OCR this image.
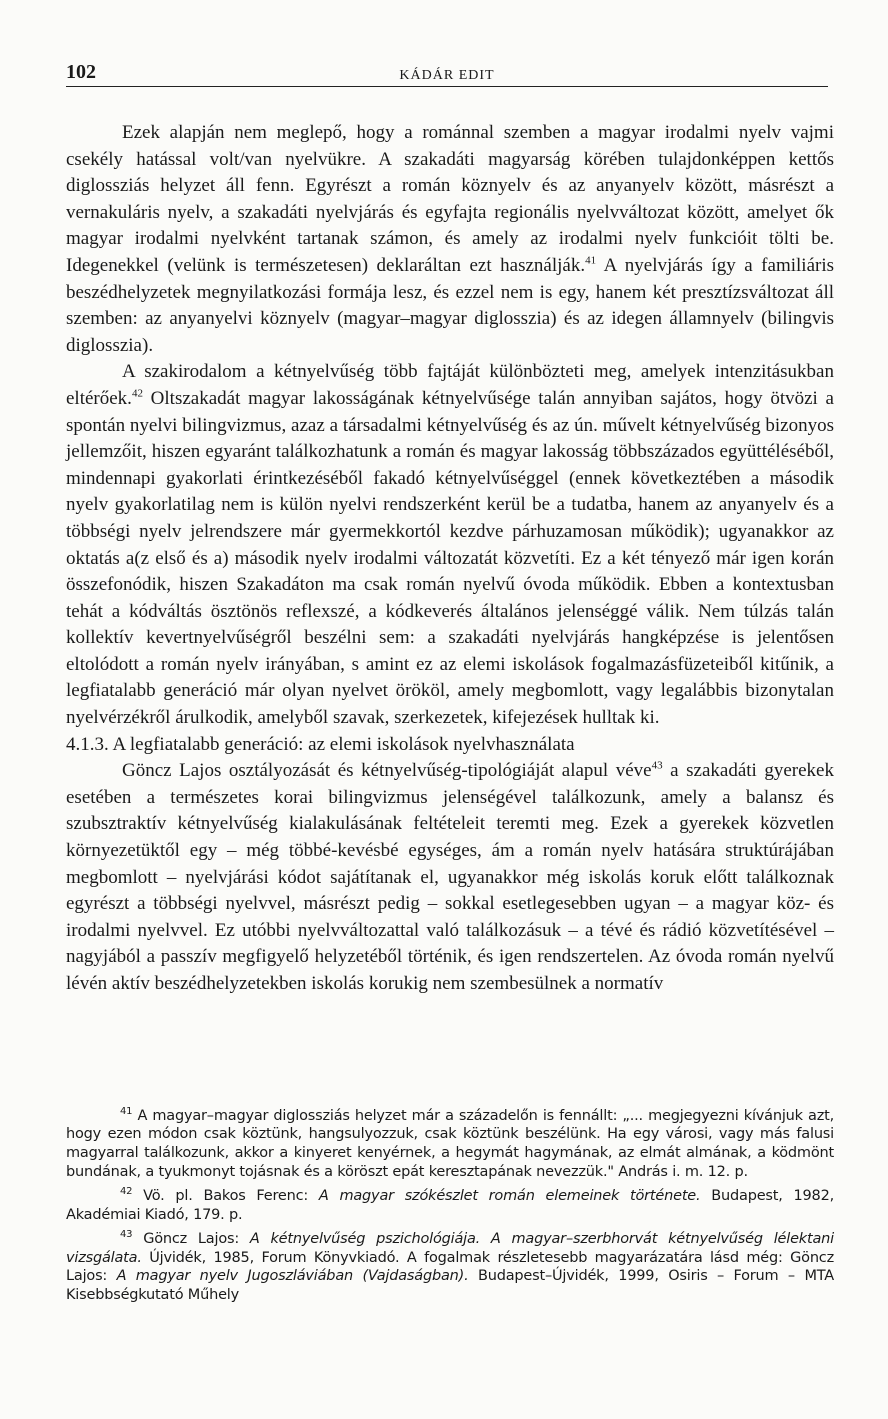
102	KÁDÁR EDIT

Ezek alapján nem meglepő, hogy a románnal szemben a magyar irodalmi nyelv vajmi csekély hatással volt/van nyelvükre. A szakadáti magyarság körében tulajdonképpen kettős diglossziás helyzet áll fenn. Egyrészt a román köznyelv és az anyanyelv között, másrészt a vernakuláris nyelv, a szakadáti nyelvjárás és egyfajta regionális nyelvváltozat között, amelyet ők magyar irodalmi nyelvként tartanak számon, és amely az irodalmi nyelv funkcióit tölti be. Idegenekkel (velünk is természetesen) deklaráltan ezt használják.$^{41}$ A nyelvjárás így a familiáris beszédhelyzetek megnyilatkozási formája lesz, és ezzel nem is egy, hanem két presztízsváltozat áll szemben: az anyanyelvi köznyelv (magyar–magyar diglosszia) és az idegen államnyelv (bilingvis diglosszia).

A szakirodalom a kétnyelvűség több fajtáját különbözteti meg, amelyek intenzitásukban eltérőek.$^{42}$ Oltszakadát magyar lakosságának kétnyelvűsége talán annyiban sajátos, hogy ötvözi a spontán nyelvi bilingvizmus, azaz a társadalmi kétnyelvűség és az ún. művelt kétnyelvűség bizonyos jellemzőit, hiszen egyaránt találkozhatunk a román és magyar lakosság többszázados együttéléséből, mindennapi gyakorlati érintkezéséből fakadó kétnyelvűséggel (ennek következtében a második nyelv gyakorlatilag nem is külön nyelvi rendszerként kerül be a tudatba, hanem az anyanyelv és a többségi nyelv jelrendszere már gyermekkortól kezdve párhuzamosan működik); ugyanakkor az oktatás a(z első és a) második nyelv irodalmi változatát közvetíti. Ez a két tényező már igen korán összefonódik, hiszen Szakadáton ma csak román nyelvű óvoda működik. Ebben a kontextusban tehát a kódváltás ösztönös reflexszé, a kódkeverés általános jelenséggé válik. Nem túlzás talán kollektív kevertnyelvűségről beszélni sem: a szakadáti nyelvjárás hangképzése is jelentősen eltolódott a román nyelv irányában, s amint ez az elemi iskolások fogalmazásfüzeteiből kitűnik, a legfiatalabb generáció már olyan nyelvet örököl, amely megbomlott, vagy legalábbis bizonytalan nyelvérzékről árulkodik, amelyből szavak, szerkezetek, kifejezések hulltak ki.

4.1.3. A legfiatalabb generáció: az elemi iskolások nyelvhasználata

Göncz Lajos osztályozását és kétnyelvűség-tipológiáját alapul véve$^{43}$ a szakadáti gyerekek esetében a természetes korai bilingvizmus jelenségével találkozunk, amely a balansz és szubsztraktív kétnyelvűség kialakulásának feltételeit teremti meg. Ezek a gyerekek közvetlen környezetüktől egy – még többé-kevésbé egységes, ám a román nyelv hatására struktúrájában megbomlott – nyelvjárási kódot sajátítanak el, ugyanakkor még iskolás koruk előtt találkoznak egyrészt a többségi nyelvvel, másrészt pedig – sokkal esetlegesebben ugyan – a magyar köz- és irodalmi nyelvvel. Ez utóbbi nyelvváltozattal való találkozásuk – a tévé és rádió közvetítésével – nagyjából a passzív megfigyelő helyzetéből történik, és igen rendszertelen. Az óvoda román nyelvű lévén aktív beszédhelyzetekben iskolás korukig nem szembesülnek a normatív

$^{41}$ A magyar–magyar diglossziás helyzet már a századelőn is fennállt: „... megjegyezni kívánjuk azt, hogy ezen módon csak köztünk, hangsulyozzuk, csak köztünk beszélünk. Ha egy városi, vagy más falusi magyarral találkozunk, akkor a kinyeret kenyérnek, a hegymát hagymának, az elmát almának, a ködmönt bundának, a tyukmonyt tojásnak és a köröszt epát keresztapának nevezzük." András i. m. 12. p.

$^{42}$ Vö. pl. Bakos Ferenc: A magyar szókészlet román elemeinek története. Budapest, 1982, Akadémiai Kiadó, 179. p.

$^{43}$ Göncz Lajos: A kétnyelvűség pszichológiája. A magyar–szerbhorvát kétnyelvűség lélektani vizsgálata. Újvidék, 1985, Forum Könyvkiadó. A fogalmak részletesebb magyarázatára lásd még: Göncz Lajos: A magyar nyelv Jugoszláviában (Vajdaságban). Budapest–Újvidék, 1999, Osiris – Forum – MTA Kisebbségkutató Műhely
